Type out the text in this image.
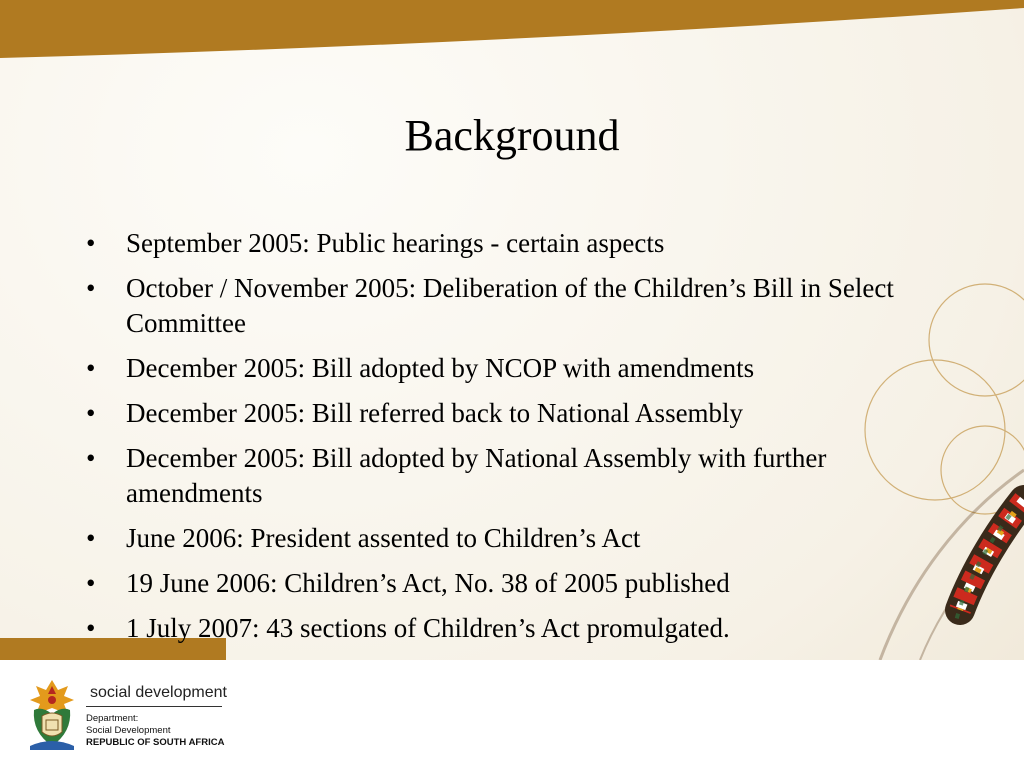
Background
•	September 2005: Public hearings - certain aspects
•	October / November 2005: Deliberation of the Children’s Bill in Select Committee
•	December 2005: Bill adopted by NCOP with amendments
•	December 2005: Bill referred back to National Assembly
•	December 2005: Bill adopted by National Assembly with further amendments
•	June 2006: President assented to Children’s Act
•	19 June 2006: Children’s Act, No. 38 of 2005 published
•	1 July 2007: 43 sections of Children’s Act promulgated.
social development
Department:
Social Development
REPUBLIC OF SOUTH AFRICA
